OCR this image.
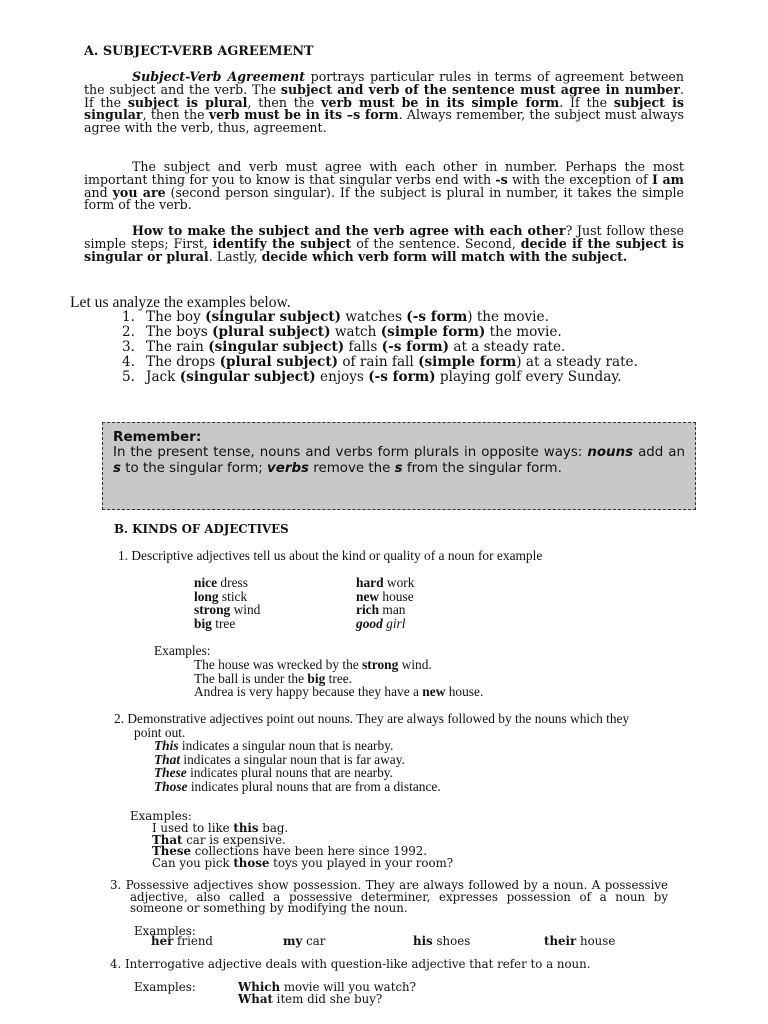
A. SUBJECT-VERB AGREEMENT
Subject-Verb Agreement portrays particular rules in terms of agreement between the subject and the verb. The subject and verb of the sentence must agree in number. If the subject is plural, then the verb must be in its simple form. If the subject is singular, then the verb must be in its –s form. Always remember, the subject must always agree with the verb, thus, agreement.
The subject and verb must agree with each other in number. Perhaps the most important thing for you to know is that singular verbs end with -s with the exception of I am and you are (second person singular). If the subject is plural in number, it takes the simple form of the verb.
How to make the subject and the verb agree with each other? Just follow these simple steps; First, identify the subject of the sentence. Second, decide if the subject is singular or plural. Lastly, decide which verb form will match with the subject.
Let us analyze the examples below.
1. The boy (singular subject) watches (-s form) the movie.
2. The boys (plural subject) watch (simple form) the movie.
3. The rain (singular subject) falls (-s form) at a steady rate.
4. The drops (plural subject) of rain fall (simple form) at a steady rate.
5. Jack (singular subject) enjoys (-s form) playing golf every Sunday.
Remember:
In the present tense, nouns and verbs form plurals in opposite ways: nouns add an s to the singular form; verbs remove the s from the singular form.
B. KINDS OF ADJECTIVES
1. Descriptive adjectives tell us about the kind or quality of a noun for example
nice dress	hard work
long stick	new house
strong wind	rich man
big tree	good girl
Examples:
The house was wrecked by the strong wind.
The ball is under the big tree.
Andrea is very happy because they have a new house.
2. Demonstrative adjectives point out nouns. They are always followed by the nouns which they point out.
This indicates a singular noun that is nearby.
That indicates a singular noun that is far away.
These indicates plural nouns that are nearby.
Those indicates plural nouns that are from a distance.
Examples:
I used to like this bag.
That car is expensive.
These collections have been here since 1992.
Can you pick those toys you played in your room?
3. Possessive adjectives show possession. They are always followed by a noun. A possessive adjective, also called a possessive determiner, expresses possession of a noun by someone or something by modifying the noun.
Examples:
her friend	my car	his shoes	their house
4. Interrogative adjective deals with question-like adjective that refer to a noun.
Examples:	Which movie will you watch?
What item did she buy?
